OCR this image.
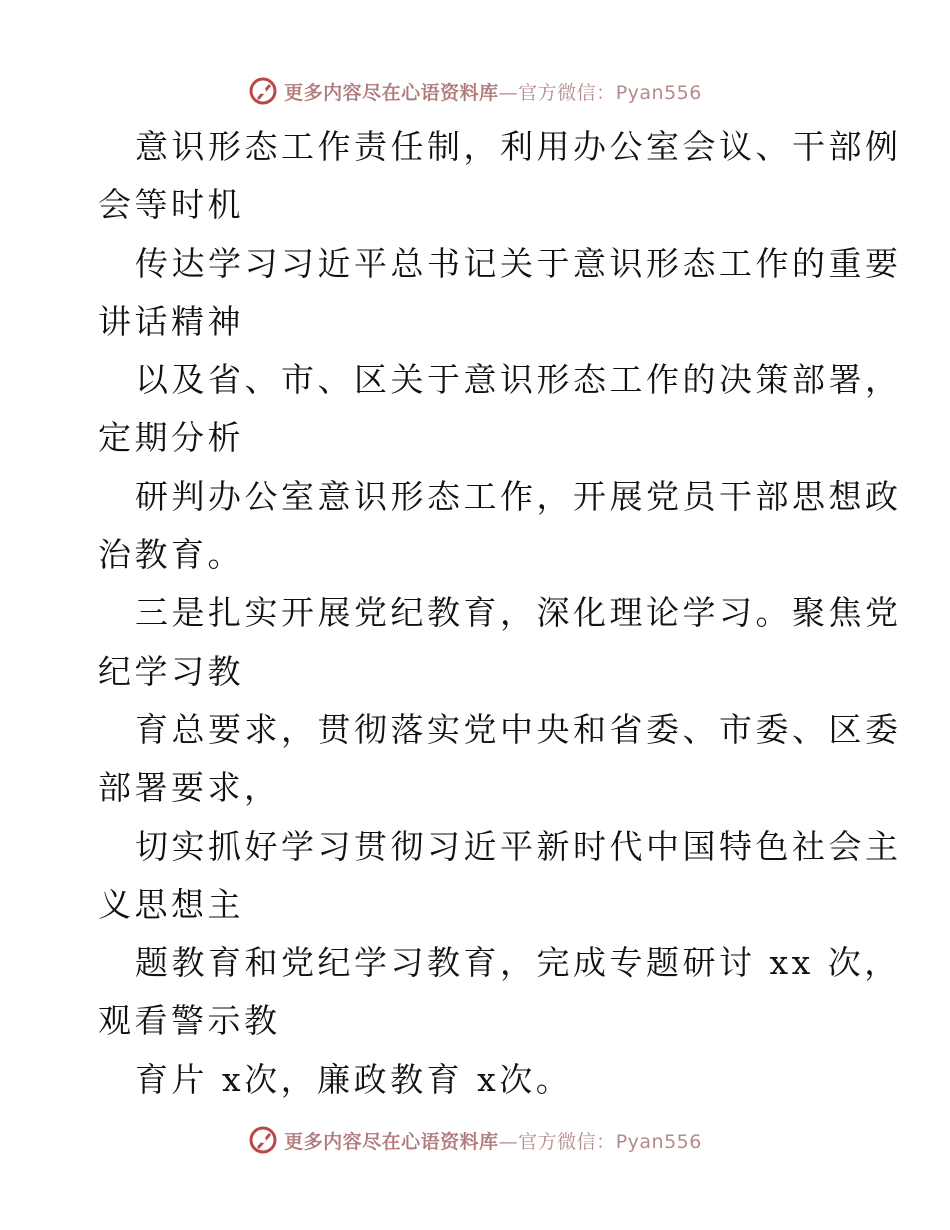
更多内容尽在心语资料库—官方微信：Pyan556
意识形态工作责任制，利用办公室会议、干部例
会等时机
传达学习习近平总书记关于意识形态工作的重要
讲话精神
以及省、市、区关于意识形态工作的决策部署，
定期分析
研判办公室意识形态工作，开展党员干部思想政
治教育。
三是扎实开展党纪教育，深化理论学习。聚焦党
纪学习教
育总要求，贯彻落实党中央和省委、市委、区委
部署要求，
切实抓好学习贯彻习近平新时代中国特色社会主
义思想主
题教育和党纪学习教育，完成专题研讨 xx 次，
观看警示教
育片 x次，廉政教育 x次。
更多内容尽在心语资料库—官方微信：Pyan556
